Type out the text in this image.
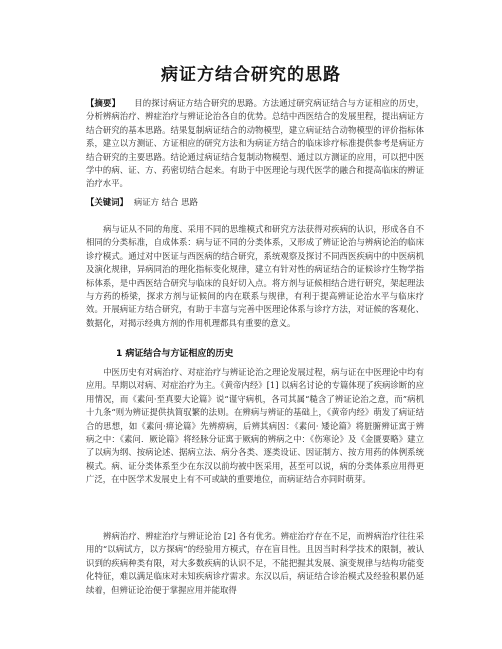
病证方结合研究的思路
【摘要】 目的探讨病证方结合研究的思路。方法通过研究病证结合与方证相应的历史，分析辨病治疗、辨症治疗与辨证论治各自的优势。总结中西医结合的发展里程，提出病证方结合研究的基本思路。结果复制病证结合的动物模型，建立病证结合动物模型的评价指标体系，建立以方测证、方证相应的研究方法和为病证方结合的临床诊疗标准提供参考是病证方结合研究的主要思路。结论通过病证结合复制动物模型、通过以方测证的应用，可以把中医学中的病、证、方、药密切结合起来。有助于中医理论与现代医学的融合和提高临床的辨证治疗水平。
【关键词】 病证方 结合 思路
病与证从不同的角度、采用不同的思维模式和研究方法获得对疾病的认识，形成各自不相同的分类标准，自成体系：病与证不同的分类体系，又形成了辨证论治与辨病论治的临床诊疗模式。通过对中医证与西医病的结合研究，系统观察及探讨不同西医疾病中的中医病机及演化规律，异病同治的理化指标变化规律，建立有针对性的病证结合的证候诊疗生物学指标体系，是中西医结合研究与临床的良好切入点。将方剂与证候相结合进行研究，架起理法与方药的桥梁，探求方剂与证候间的内在联系与规律，有利于提高辨证论治水平与临床疗效。开展病证方结合研究，有助于丰富与完善中医理论体系与诊疗方法，对证候的客观化、数据化，对揭示经典方剂的作用机理都具有重要的意义。
1 病证结合与方证相应的历史
中医历史有对病治疗、对症治疗与辨证论治之理论发展过程，病与证在中医理论中均有应用。早期以对病、对症治疗为主。《黄帝内经》[1] 以病名讨论的专篇体现了疾病诊断的应用情况，而《素问·至真要大论篇》说“谨守病机，各司其属“糙含了辨证论治之意，而”病机十九条“则为辨证提供执简驭繁的法则。在辨病与辨证的基础上，《黄帝内经》萌发了病证结合的思想，如《素问·痹论篇》先辨痹病，后辨其病因：《素问· 矮论篇》将脏腑辨证寓于辨病之中：《素问．厥论篇》将经脉分证寓于厥病的辨病之中：《伤寒论》及《金匮要略》建立了以病为纲、按病论述、据病立法、病分各类、逐类设证、因证制方、按方用药的体例系统模式。病、证分类体系至少在东汉以前均被中医采用，甚至可以说，病的分类体系应用得更广泛，在中医学术发展史上有不可或缺的重要地位，而病证结合亦同时萌芽。
辨病治疗、辨症治疗与辨证论治 [2] 各有优劣。辨症治疗存在不足，而辨病治疗往往采用的“以病试方，以方探病”的经验用方模式，存在盲目性。且因当时科学技术的限制，被认识到的疾病种类有限，对大多数疾病的认识不足，不能把握其发展、演变规律与结构功能变化特征，难以满足临床对未知疾病诊疗需求。东汉以后，病证结合诊治模式及经验积累仍延续着，但辨证论治便于掌握应用并能取得
